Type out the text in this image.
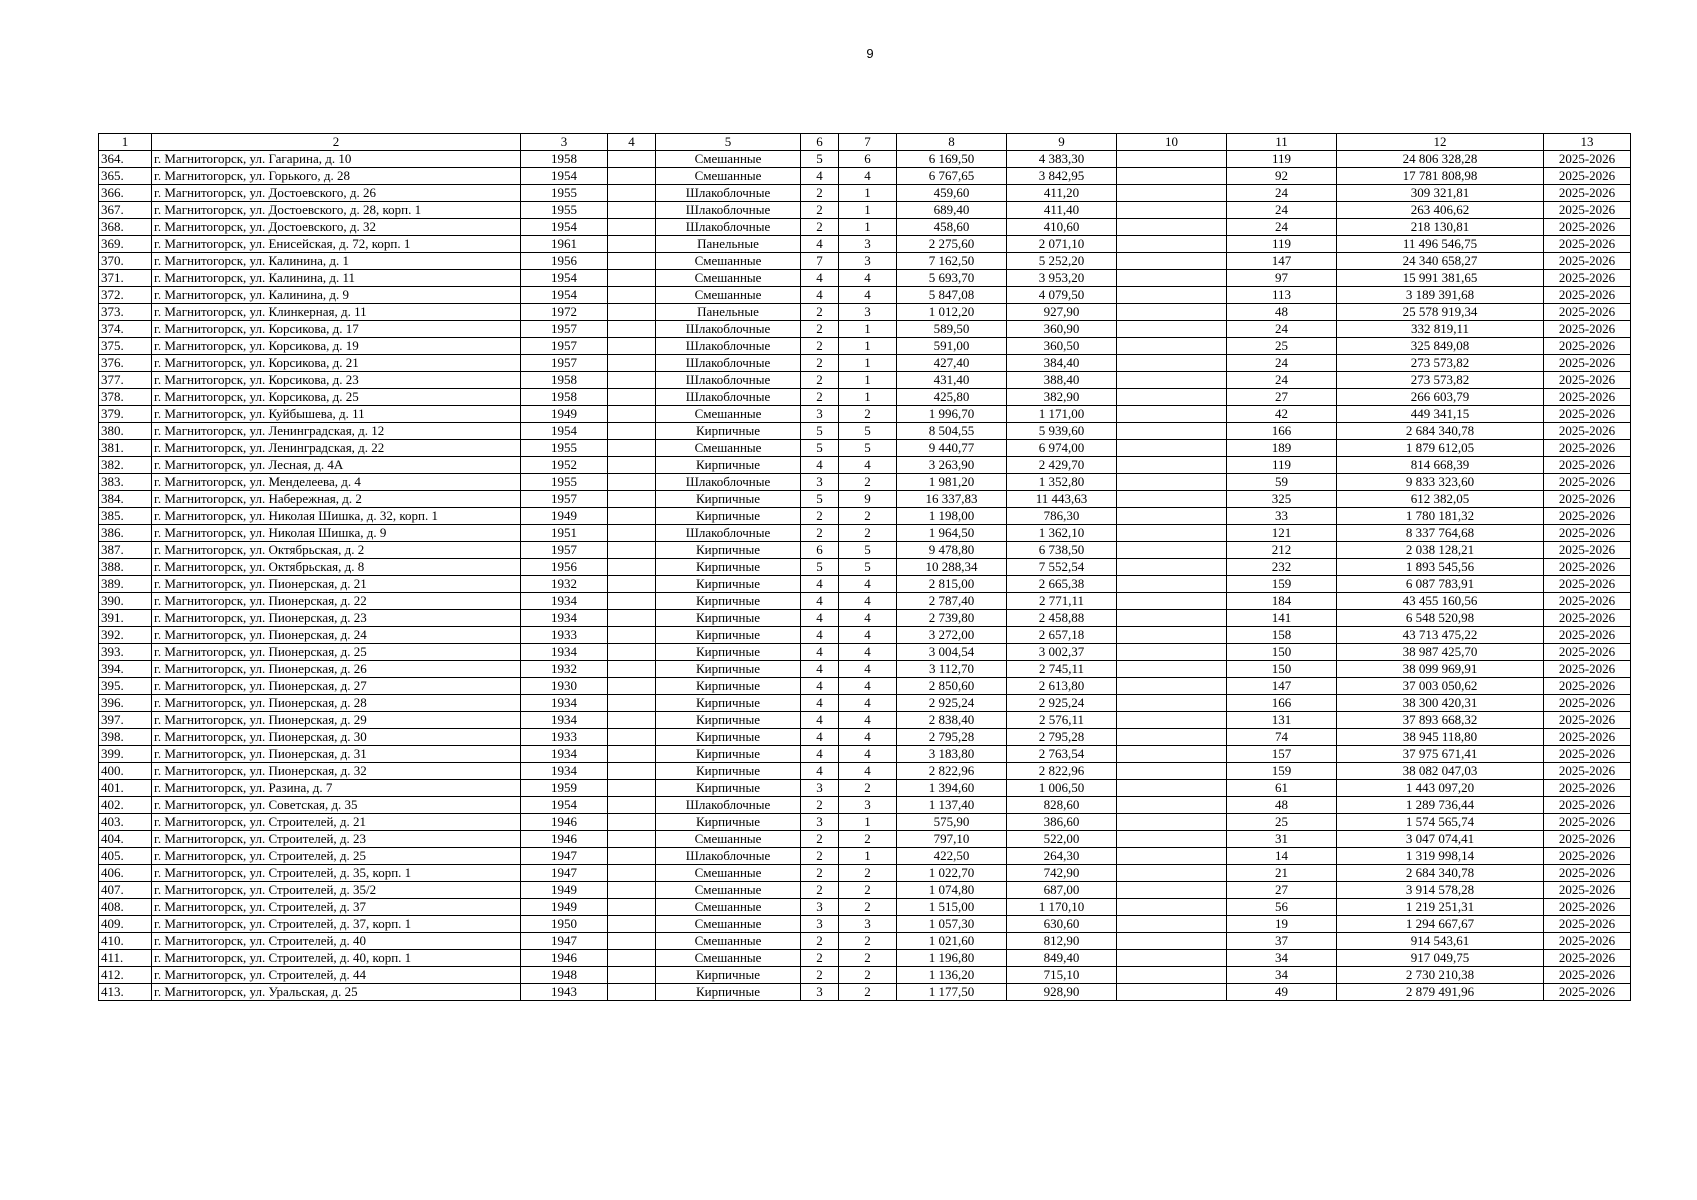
9
1	2	3	4	5	6	7	8	9	10	11	12	13
364.	г. Магнитогорск, ул. Гагарина, д. 10	1958		Смешанные	5	6	6 169,50	4 383,30		119	24 806 328,28	2025-2026
365.	г. Магнитогорск, ул. Горького, д. 28	1954		Смешанные	4	4	6 767,65	3 842,95		92	17 781 808,98	2025-2026
366.	г. Магнитогорск, ул. Достоевского, д. 26	1955		Шлакоблочные	2	1	459,60	411,20		24	309 321,81	2025-2026
367.	г. Магнитогорск, ул. Достоевского, д. 28, корп. 1	1955		Шлакоблочные	2	1	689,40	411,40		24	263 406,62	2025-2026
368.	г. Магнитогорск, ул. Достоевского, д. 32	1954		Шлакоблочные	2	1	458,60	410,60		24	218 130,81	2025-2026
369.	г. Магнитогорск, ул. Енисейская, д. 72, корп. 1	1961		Панельные	4	3	2 275,60	2 071,10		119	11 496 546,75	2025-2026
370.	г. Магнитогорск, ул. Калинина, д. 1	1956		Смешанные	7	3	7 162,50	5 252,20		147	24 340 658,27	2025-2026
371.	г. Магнитогорск, ул. Калинина, д. 11	1954		Смешанные	4	4	5 693,70	3 953,20		97	15 991 381,65	2025-2026
372.	г. Магнитогорск, ул. Калинина, д. 9	1954		Смешанные	4	4	5 847,08	4 079,50		113	3 189 391,68	2025-2026
373.	г. Магнитогорск, ул. Клинкерная, д. 11	1972		Панельные	2	3	1 012,20	927,90		48	25 578 919,34	2025-2026
374.	г. Магнитогорск, ул. Корсикова, д. 17	1957		Шлакоблочные	2	1	589,50	360,90		24	332 819,11	2025-2026
375.	г. Магнитогорск, ул. Корсикова, д. 19	1957		Шлакоблочные	2	1	591,00	360,50		25	325 849,08	2025-2026
376.	г. Магнитогорск, ул. Корсикова, д. 21	1957		Шлакоблочные	2	1	427,40	384,40		24	273 573,82	2025-2026
377.	г. Магнитогорск, ул. Корсикова, д. 23	1958		Шлакоблочные	2	1	431,40	388,40		24	273 573,82	2025-2026
378.	г. Магнитогорск, ул. Корсикова, д. 25	1958		Шлакоблочные	2	1	425,80	382,90		27	266 603,79	2025-2026
379.	г. Магнитогорск, ул. Куйбышева, д. 11	1949		Смешанные	3	2	1 996,70	1 171,00		42	449 341,15	2025-2026
380.	г. Магнитогорск, ул. Ленинградская, д. 12	1954		Кирпичные	5	5	8 504,55	5 939,60		166	2 684 340,78	2025-2026
381.	г. Магнитогорск, ул. Ленинградская, д. 22	1955		Смешанные	5	5	9 440,77	6 974,00		189	1 879 612,05	2025-2026
382.	г. Магнитогорск, ул. Лесная, д. 4А	1952		Кирпичные	4	4	3 263,90	2 429,70		119	814 668,39	2025-2026
383.	г. Магнитогорск, ул. Менделеева, д. 4	1955		Шлакоблочные	3	2	1 981,20	1 352,80		59	9 833 323,60	2025-2026
384.	г. Магнитогорск, ул. Набережная, д. 2	1957		Кирпичные	5	9	16 337,83	11 443,63		325	612 382,05	2025-2026
385.	г. Магнитогорск, ул. Николая Шишка, д. 32, корп. 1	1949		Кирпичные	2	2	1 198,00	786,30		33	1 780 181,32	2025-2026
386.	г. Магнитогорск, ул. Николая Шишка, д. 9	1951		Шлакоблочные	2	2	1 964,50	1 362,10		121	8 337 764,68	2025-2026
387.	г. Магнитогорск, ул. Октябрьская, д. 2	1957		Кирпичные	6	5	9 478,80	6 738,50		212	2 038 128,21	2025-2026
388.	г. Магнитогорск, ул. Октябрьская, д. 8	1956		Кирпичные	5	5	10 288,34	7 552,54		232	1 893 545,56	2025-2026
389.	г. Магнитогорск, ул. Пионерская, д. 21	1932		Кирпичные	4	4	2 815,00	2 665,38		159	6 087 783,91	2025-2026
390.	г. Магнитогорск, ул. Пионерская, д. 22	1934		Кирпичные	4	4	2 787,40	2 771,11		184	43 455 160,56	2025-2026
391.	г. Магнитогорск, ул. Пионерская, д. 23	1934		Кирпичные	4	4	2 739,80	2 458,88		141	6 548 520,98	2025-2026
392.	г. Магнитогорск, ул. Пионерская, д. 24	1933		Кирпичные	4	4	3 272,00	2 657,18		158	43 713 475,22	2025-2026
393.	г. Магнитогорск, ул. Пионерская, д. 25	1934		Кирпичные	4	4	3 004,54	3 002,37		150	38 987 425,70	2025-2026
394.	г. Магнитогорск, ул. Пионерская, д. 26	1932		Кирпичные	4	4	3 112,70	2 745,11		150	38 099 969,91	2025-2026
395.	г. Магнитогорск, ул. Пионерская, д. 27	1930		Кирпичные	4	4	2 850,60	2 613,80		147	37 003 050,62	2025-2026
396.	г. Магнитогорск, ул. Пионерская, д. 28	1934		Кирпичные	4	4	2 925,24	2 925,24		166	38 300 420,31	2025-2026
397.	г. Магнитогорск, ул. Пионерская, д. 29	1934		Кирпичные	4	4	2 838,40	2 576,11		131	37 893 668,32	2025-2026
398.	г. Магнитогорск, ул. Пионерская, д. 30	1933		Кирпичные	4	4	2 795,28	2 795,28		74	38 945 118,80	2025-2026
399.	г. Магнитогорск, ул. Пионерская, д. 31	1934		Кирпичные	4	4	3 183,80	2 763,54		157	37 975 671,41	2025-2026
400.	г. Магнитогорск, ул. Пионерская, д. 32	1934		Кирпичные	4	4	2 822,96	2 822,96		159	38 082 047,03	2025-2026
401.	г. Магнитогорск, ул. Разина, д. 7	1959		Кирпичные	3	2	1 394,60	1 006,50		61	1 443 097,20	2025-2026
402.	г. Магнитогорск, ул. Советская, д. 35	1954		Шлакоблочные	2	3	1 137,40	828,60		48	1 289 736,44	2025-2026
403.	г. Магнитогорск, ул. Строителей, д. 21	1946		Кирпичные	3	1	575,90	386,60		25	1 574 565,74	2025-2026
404.	г. Магнитогорск, ул. Строителей, д. 23	1946		Смешанные	2	2	797,10	522,00		31	3 047 074,41	2025-2026
405.	г. Магнитогорск, ул. Строителей, д. 25	1947		Шлакоблочные	2	1	422,50	264,30		14	1 319 998,14	2025-2026
406.	г. Магнитогорск, ул. Строителей, д. 35, корп. 1	1947		Смешанные	2	2	1 022,70	742,90		21	2 684 340,78	2025-2026
407.	г. Магнитогорск, ул. Строителей, д. 35/2	1949		Смешанные	2	2	1 074,80	687,00		27	3 914 578,28	2025-2026
408.	г. Магнитогорск, ул. Строителей, д. 37	1949		Смешанные	3	2	1 515,00	1 170,10		56	1 219 251,31	2025-2026
409.	г. Магнитогорск, ул. Строителей, д. 37, корп. 1	1950		Смешанные	3	3	1 057,30	630,60		19	1 294 667,67	2025-2026
410.	г. Магнитогорск, ул. Строителей, д. 40	1947		Смешанные	2	2	1 021,60	812,90		37	914 543,61	2025-2026
411.	г. Магнитогорск, ул. Строителей, д. 40, корп. 1	1946		Смешанные	2	2	1 196,80	849,40		34	917 049,75	2025-2026
412.	г. Магнитогорск, ул. Строителей, д. 44	1948		Кирпичные	2	2	1 136,20	715,10		34	2 730 210,38	2025-2026
413.	г. Магнитогорск, ул. Уральская, д. 25	1943		Кирпичные	3	2	1 177,50	928,90		49	2 879 491,96	2025-2026
